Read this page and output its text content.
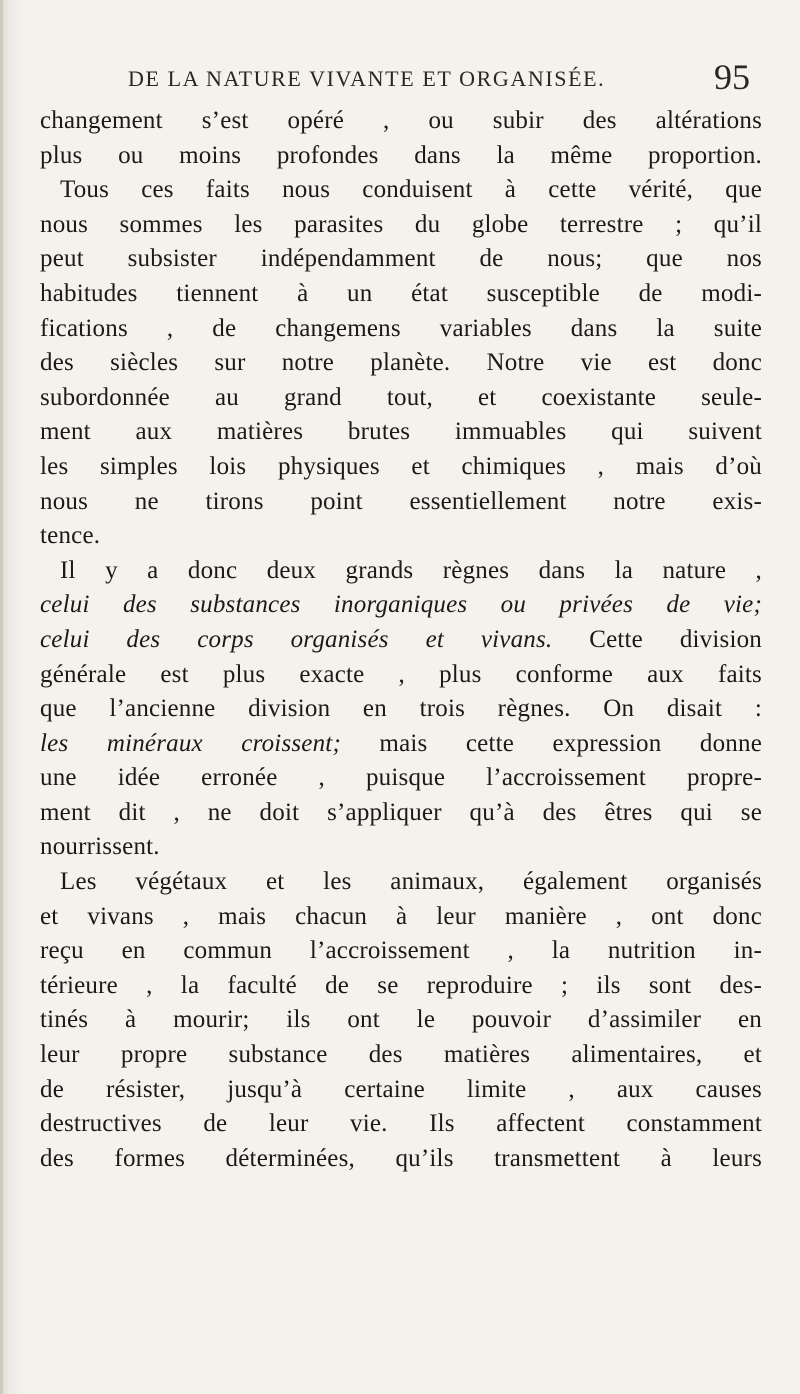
DE LA NATURE VIVANTE ET ORGANISÉE.	95
changement s’est opéré , ou subir des altérations
plus ou moins profondes dans la même proportion.
Tous ces faits nous conduisent à cette vérité, que
nous sommes les parasites du globe terrestre ; qu’il
peut subsister indépendamment de nous; que nos
habitudes tiennent à un état susceptible de modi-
fications , de changemens variables dans la suite
des siècles sur notre planète. Notre vie est donc
subordonnée au grand tout, et coexistante seule-
ment aux matières brutes immuables qui suivent
les simples lois physiques et chimiques , mais d’où
nous ne tirons point essentiellement notre exis-
tence.
Il y a donc deux grands règnes dans la nature ,
celui des substances inorganiques ou privées de vie;
celui des corps organisés et vivans. Cette division
générale est plus exacte , plus conforme aux faits
que l’ancienne division en trois règnes. On disait :
les minéraux croissent; mais cette expression donne
une idée erronée , puisque l’accroissement propre-
ment dit , ne doit s’appliquer qu’à des êtres qui se
nourrissent.
Les végétaux et les animaux, également organisés
et vivans , mais chacun à leur manière , ont donc
reçu en commun l’accroissement , la nutrition in-
térieure , la faculté de se reproduire ; ils sont des-
tinés à mourir; ils ont le pouvoir d’assimiler en
leur propre substance des matières alimentaires, et
de résister, jusqu’à certaine limite , aux causes
destructives de leur vie. Ils affectent constamment
des formes déterminées, qu’ils transmettent à leurs
